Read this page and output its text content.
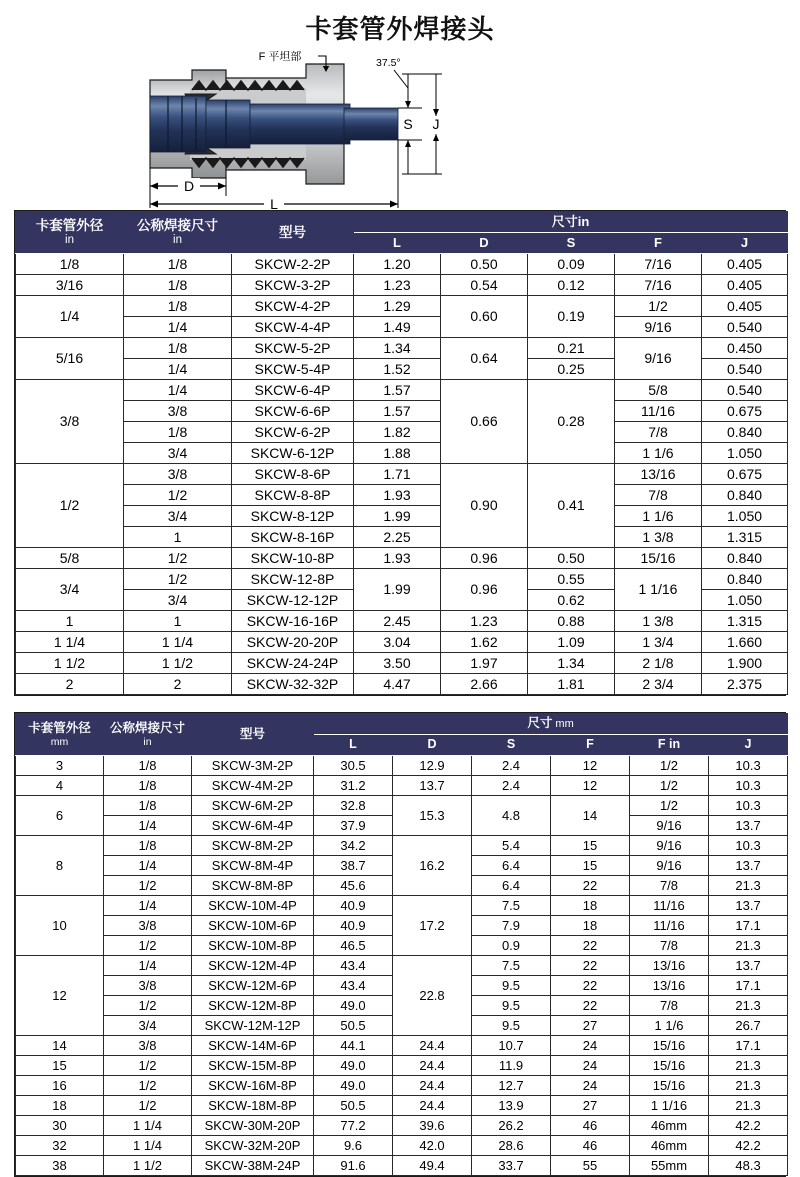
卡套管外焊接头
F 平坦部	37.5°
S J
D
L
卡套管外径
in	公称焊接尺寸
in	型号	尺寸in				
			L	D	S	F	J
1/8	1/8	SKCW-2-2P	1.20	0.50	0.09	7/16	0.405
3/16	1/8	SKCW-3-2P	1.23	0.54	0.12	7/16	0.405
1/4	1/8	SKCW-4-2P	1.29	0.60	0.19	1/2	0.405
	1/4	SKCW-4-4P	1.49			9/16	0.540
5/16	1/8	SKCW-5-2P	1.34	0.64	0.21	9/16	0.450
	1/4	SKCW-5-4P	1.52		0.25		0.540
3/8	1/4	SKCW-6-4P	1.57	0.66	0.28	5/8	0.540
	3/8	SKCW-6-6P	1.57			11/16	0.675
	1/8	SKCW-6-2P	1.82			7/8	0.840
	3/4	SKCW-6-12P	1.88			1 1/6	1.050
1/2	3/8	SKCW-8-6P	1.71	0.90	0.41	13/16	0.675
	1/2	SKCW-8-8P	1.93			7/8	0.840
	3/4	SKCW-8-12P	1.99			1 1/6	1.050
	1	SKCW-8-16P	2.25			1 3/8	1.315
5/8	1/2	SKCW-10-8P	1.93	0.96	0.50	15/16	0.840
3/4	1/2	SKCW-12-8P	1.99	0.96	0.55	1 1/16	0.840
	3/4	SKCW-12-12P			0.62		1.050
1	1	SKCW-16-16P	2.45	1.23	0.88	1 3/8	1.315
1 1/4	1 1/4	SKCW-20-20P	3.04	1.62	1.09	1 3/4	1.660
1 1/2	1 1/2	SKCW-24-24P	3.50	1.97	1.34	2 1/8	1.900
2	2	SKCW-32-32P	4.47	2.66	1.81	2 3/4	2.375
卡套管外径
mm	公称焊接尺寸
in	型号	尺寸 mm					
			L	D	S	F	F in	J
3	1/8	SKCW-3M-2P	30.5	12.9	2.4	12	1/2	10.3
4	1/8	SKCW-4M-2P	31.2	13.7	2.4	12	1/2	10.3
6	1/8	SKCW-6M-2P	32.8	15.3	4.8	14	1/2	10.3
	1/4	SKCW-6M-4P	37.9				9/16	13.7
8	1/8	SKCW-8M-2P	34.2	16.2	5.4	15	9/16	10.3
	1/4	SKCW-8M-4P	38.7		6.4	15	9/16	13.7
	1/2	SKCW-8M-8P	45.6		6.4	22	7/8	21.3
10	1/4	SKCW-10M-4P	40.9	17.2	7.5	18	11/16	13.7
	3/8	SKCW-10M-6P	40.9		7.9	18	11/16	17.1
	1/2	SKCW-10M-8P	46.5		0.9	22	7/8	21.3
12	1/4	SKCW-12M-4P	43.4	22.8	7.5	22	13/16	13.7
	3/8	SKCW-12M-6P	43.4		9.5	22	13/16	17.1
	1/2	SKCW-12M-8P	49.0		9.5	22	7/8	21.3
	3/4	SKCW-12M-12P	50.5		9.5	27	1 1/6	26.7
14	3/8	SKCW-14M-6P	44.1	24.4	10.7	24	15/16	17.1
15	1/2	SKCW-15M-8P	49.0	24.4	11.9	24	15/16	21.3
16	1/2	SKCW-16M-8P	49.0	24.4	12.7	24	15/16	21.3
18	1/2	SKCW-18M-8P	50.5	24.4	13.9	27	1 1/16	21.3
30	1 1/4	SKCW-30M-20P	77.2	39.6	26.2	46	46mm	42.2
32	1 1/4	SKCW-32M-20P	9.6	42.0	28.6	46	46mm	42.2
38	1 1/2	SKCW-38M-24P	91.6	49.4	33.7	55	55mm	48.3
